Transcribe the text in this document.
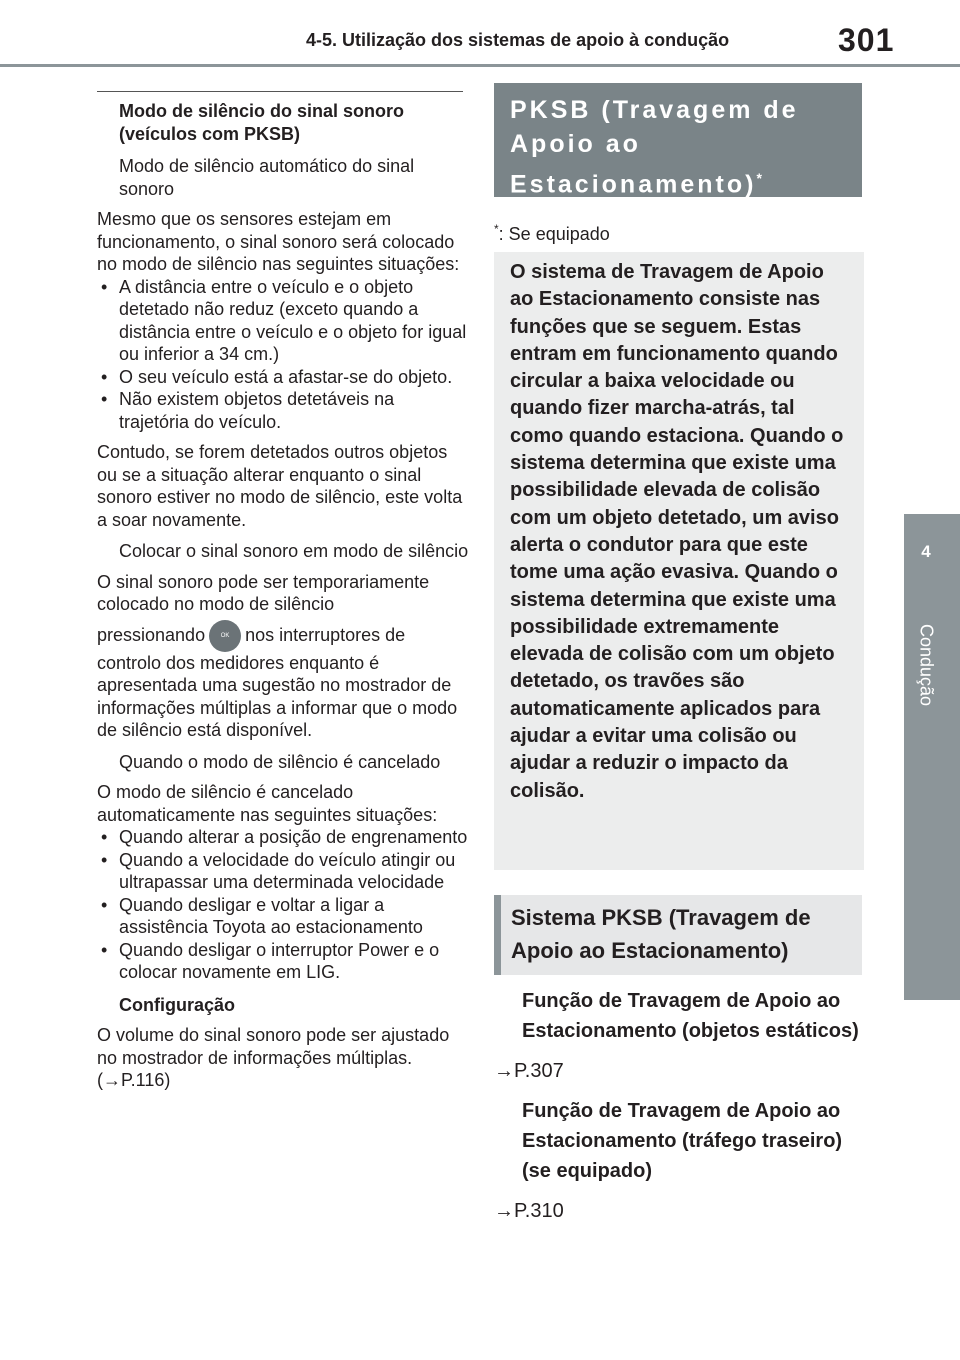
4-5. Utilização dos sistemas de apoio à condução	301
4
Condução

Modo de silêncio do sinal sonoro (veículos com PKSB)

Modo de silêncio automático do sinal sonoro

Mesmo que os sensores estejam em funcionamento, o sinal sonoro será colocado no modo de silêncio nas seguintes situações:

• A distância entre o veículo e o objeto detetado não reduz (exceto quando a distância entre o veículo e o objeto for igual ou inferior a 34 cm.)

• O seu veículo está a afastar-se do objeto.

• Não existem objetos detetáveis na trajetória do veículo.

Contudo, se forem detetados outros objetos ou se a situação alterar enquanto o sinal sonoro estiver no modo de silêncio, este volta a soar novamente.

Colocar o sinal sonoro em modo de silêncio

O sinal sonoro pode ser temporariamente colocado no modo de silêncio

pressionando	OK nos interruptores de controlo dos medidores enquanto é apresentada uma sugestão no mostrador de informações múltiplas a informar que o modo de silêncio está disponível.

Quando o modo de silêncio é cancelado

O modo de silêncio é cancelado automaticamente nas seguintes situações:

• Quando alterar a posição de engrenamento

• Quando a velocidade do veículo atingir ou ultrapassar uma determinada velocidade

• Quando desligar e voltar a ligar a assistência Toyota ao estacionamento

• Quando desligar o interruptor Power e o colocar novamente em LIG.

Configuração

O volume do sinal sonoro pode ser ajustado no mostrador de informações múltiplas. (→P.116)

PKSB (Travagem de Apoio ao Estacionamento)*
*: Se equipado
O sistema de Travagem de Apoio ao Estacionamento consiste nas funções que se seguem. Estas entram em funcionamento quando circular a baixa velocidade ou quando fizer marcha-atrás, tal como quando estaciona. Quando o sistema determina que existe uma possibilidade elevada de colisão com um objeto detetado, um aviso alerta o condutor para que este tome uma ação evasiva. Quando o sistema determina que existe uma possibilidade extremamente elevada de colisão com um objeto detetado, os travões são automaticamente aplicados para ajudar a evitar uma colisão ou ajudar a reduzir o impacto da colisão.
Sistema PKSB (Travagem de Apoio ao Estacionamento)

Função de Travagem de Apoio ao Estacionamento (objetos estáticos)

→P.307

Função de Travagem de Apoio ao Estacionamento (tráfego traseiro) (se equipado)

→P.310
